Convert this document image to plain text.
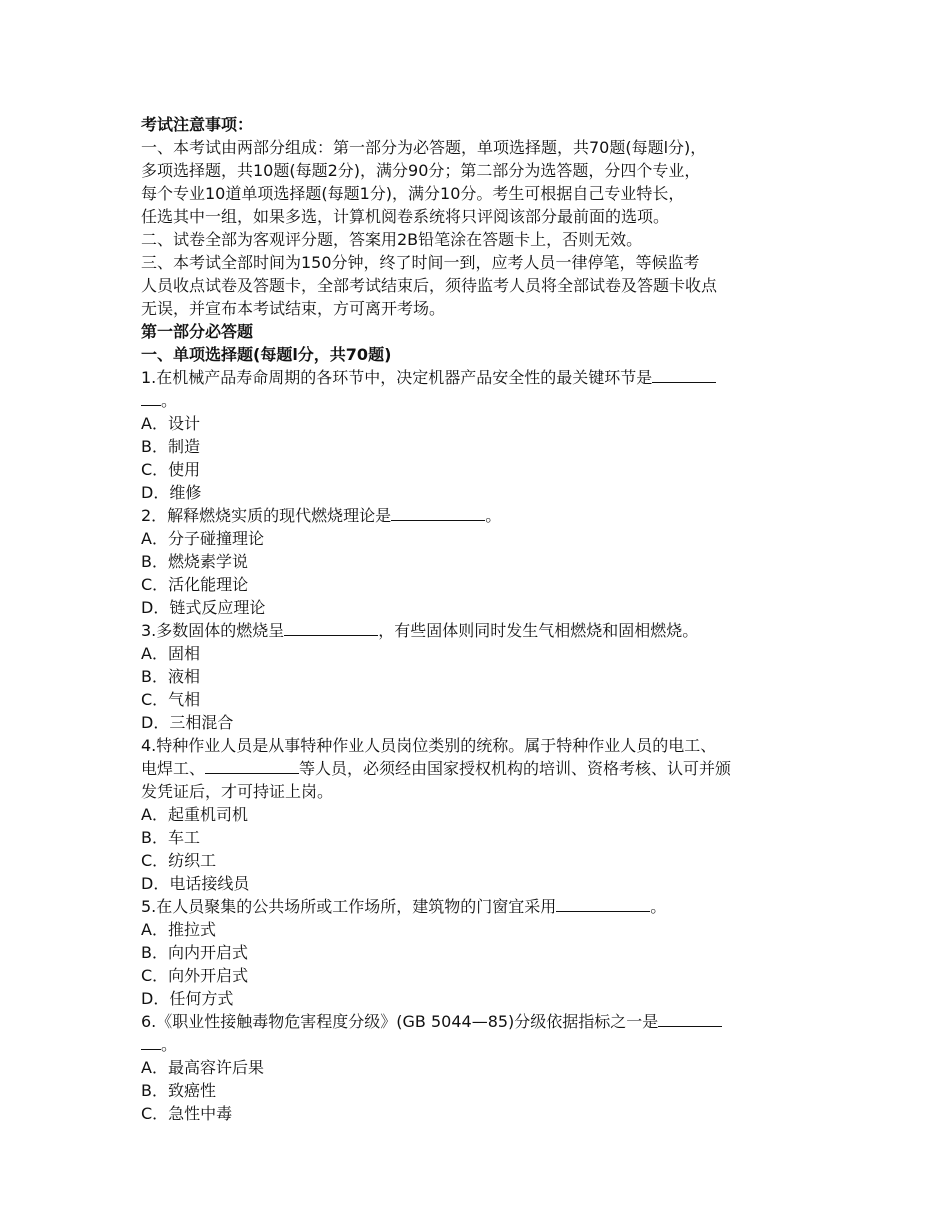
考试注意事项：
一、本考试由两部分组成：第一部分为必答题，单项选择题，共70题(每题l分)，
多项选择题，共10题(每题2分)，满分90分；第二部分为选答题，分四个专业，
每个专业10道单项选择题(每题1分)，满分10分。考生可根据自己专业特长，
任选其中一组，如果多选，计算机阅卷系统将只评阅该部分最前面的选项。
二、试卷全部为客观评分题，答案用2B铅笔涂在答题卡上，否则无效。
三、本考试全部时间为150分钟，终了时间一到，应考人员一律停笔，等候监考
人员收点试卷及答题卡，全部考试结束后，须待监考人员将全部试卷及答题卡收点
无误，并宣布本考试结束，方可离开考场。
第一部分必答题
一、单项选择题(每题l分，共70题)
1.在机械产品寿命周期的各环节中，决定机器产品安全性的最关键环节是
。
A．设计
B．制造
C．使用
D．维修
2．解释燃烧实质的现代燃烧理论是	。
A．分子碰撞理论
B．燃烧素学说
C．活化能理论
D．链式反应理论
3.多数固体的燃烧呈	，有些固体则同时发生气相燃烧和固相燃烧。
A．固相
B．液相
C．气相
D．三相混合
4.特种作业人员是从事特种作业人员岗位类别的统称。属于特种作业人员的电工、
电焊工、	等人员，必须经由国家授权机构的培训、资格考核、认可并颁
发凭证后，才可持证上岗。
A．起重机司机
B．车工
C．纺织工
D．电话接线员
5.在人员聚集的公共场所或工作场所，建筑物的门窗宜采用	。
A．推拉式
B．向内开启式
C．向外开启式
D．任何方式
6.《职业性接触毒物危害程度分级》(GB 5044—85)分级依据指标之一是
。
A．最高容许后果
B．致癌性
C．急性中毒
